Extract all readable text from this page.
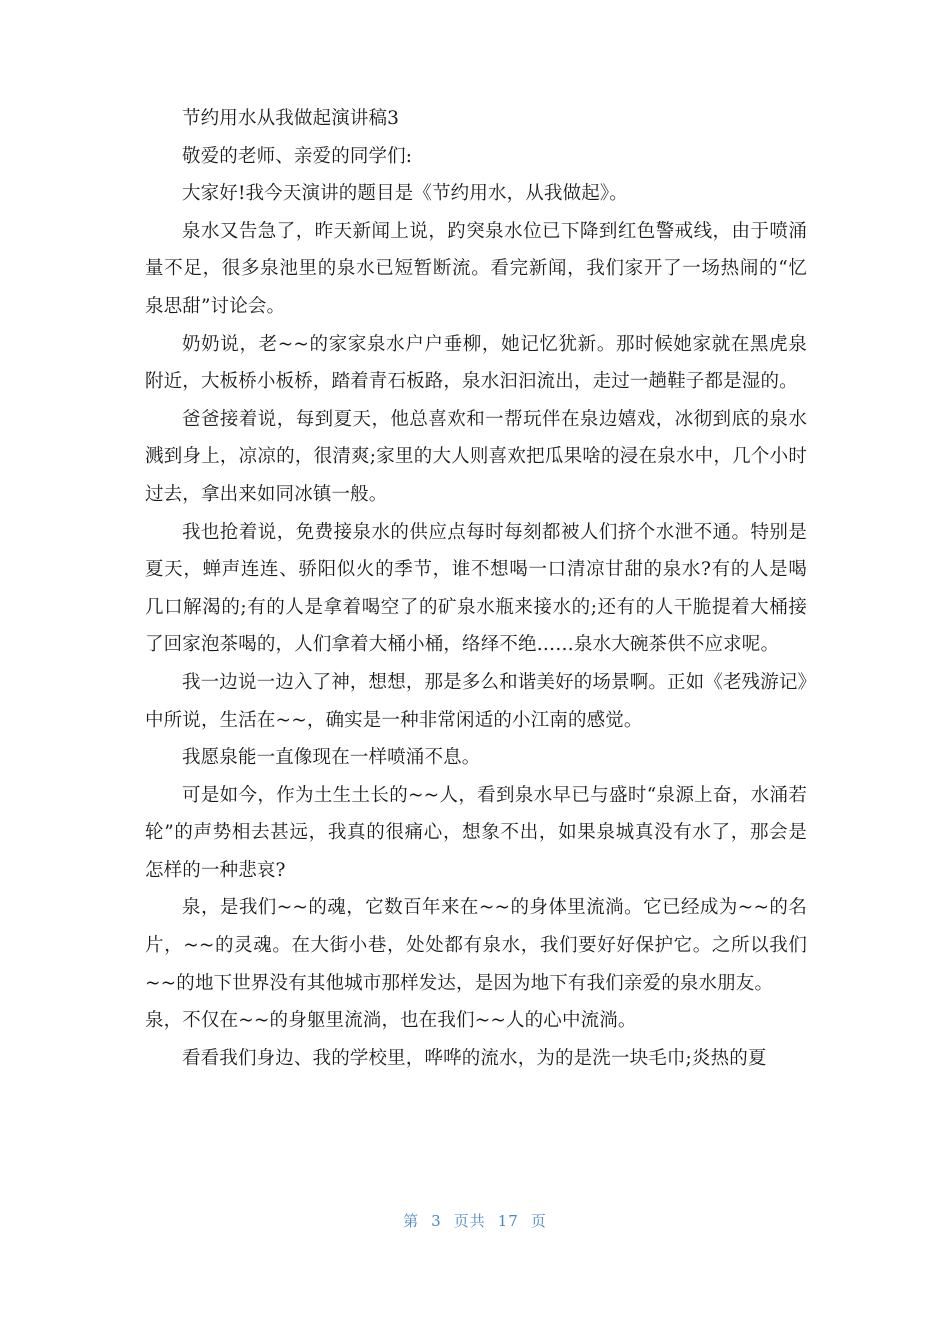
节约用水从我做起演讲稿3

敬爱的老师、亲爱的同学们:

大家好!我今天演讲的题目是《节约用水，从我做起》。

泉水又告急了，昨天新闻上说，趵突泉水位已下降到红色警戒线，由于喷涌量不足，很多泉池里的泉水已短暂断流。看完新闻，我们家开了一场热闹的“忆泉思甜”讨论会。

奶奶说，老~~的家家泉水户户垂柳，她记忆犹新。那时候她家就在黑虎泉附近，大板桥小板桥，踏着青石板路，泉水汩汩流出，走过一趟鞋子都是湿的。

爸爸接着说，每到夏天，他总喜欢和一帮玩伴在泉边嬉戏，冰彻到底的泉水溅到身上，凉凉的，很清爽;家里的大人则喜欢把瓜果啥的浸在泉水中，几个小时过去，拿出来如同冰镇一般。

我也抢着说，免费接泉水的供应点每时每刻都被人们挤个水泄不通。特别是夏天，蝉声连连、骄阳似火的季节，谁不想喝一口清凉甘甜的泉水?有的人是喝几口解渴的;有的人是拿着喝空了的矿泉水瓶来接水的;还有的人干脆提着大桶接了回家泡茶喝的，人们拿着大桶小桶，络绎不绝……泉水大碗茶供不应求呢。

我一边说一边入了神，想想，那是多么和谐美好的场景啊。正如《老残游记》中所说，生活在~~，确实是一种非常闲适的小江南的感觉。

我愿泉能一直像现在一样喷涌不息。

可是如今，作为土生土长的~~人，看到泉水早已与盛时“泉源上奋，水涌若轮”的声势相去甚远，我真的很痛心，想象不出，如果泉城真没有水了，那会是怎样的一种悲哀?

泉，是我们~~的魂，它数百年来在~~的身体里流淌。它已经成为~~的名片，~~的灵魂。在大街小巷，处处都有泉水，我们要好好保护它。之所以我们~~的地下世界没有其他城市那样发达，是因为地下有我们亲爱的泉水朋友。

泉，不仅在~~的身躯里流淌，也在我们~~人的心中流淌。

看看我们身边、我的学校里，哗哗的流水，为的是洗一块毛巾;炎热的夏

第 3 页共 17 页
